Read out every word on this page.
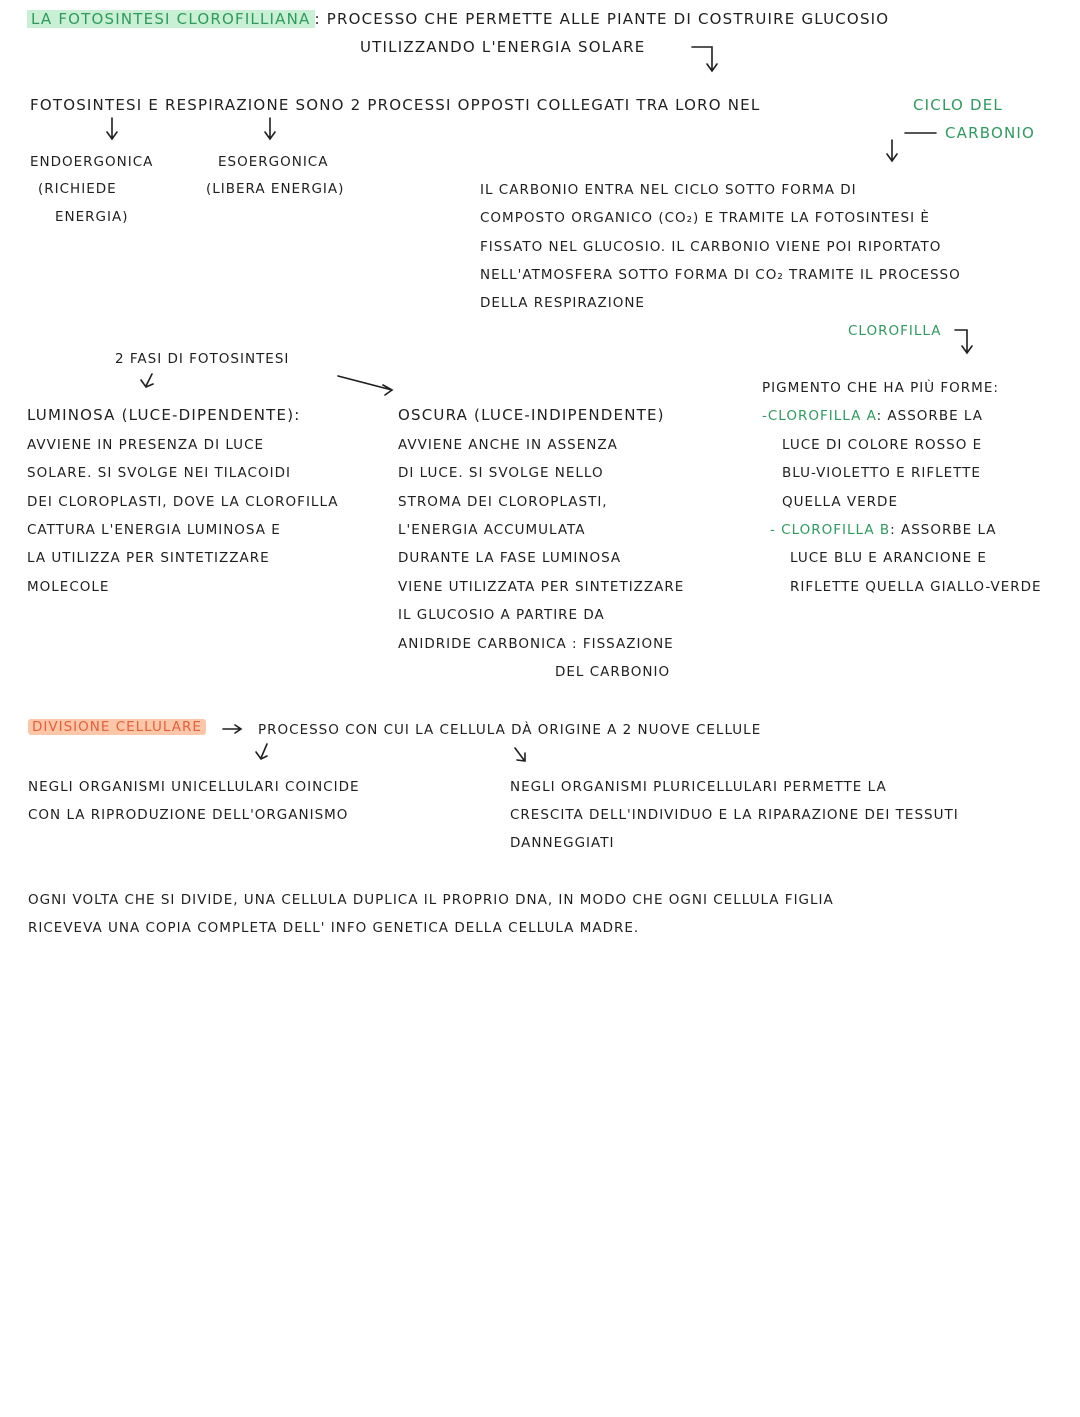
LA FOTOSINTESI CLOROFILLIANA : PROCESSO CHE PERMETTE ALLE PIANTE DI COSTRUIRE GLUCOSIO
UTILIZZANDO L'ENERGIA SOLARE
FOTOSINTESI E RESPIRAZIONE SONO 2 PROCESSI OPPOSTI COLLEGATI TRA LORO NEL	CICLO DEL
CARBONIO
ENDOERGONICA
(RICHIEDE
ENERGIA)
ESOERGONICA
(LIBERA ENERGIA)	IL CARBONIO ENTRA NEL CICLO SOTTO FORMA DI
COMPOSTO ORGANICO (CO₂) E TRAMITE LA FOTOSINTESI È
FISSATO NEL GLUCOSIO. IL CARBONIO VIENE POI RIPORTATO
NELL'ATMOSFERA SOTTO FORMA DI CO₂ TRAMITE IL PROCESSO
DELLA RESPIRAZIONE
CLOROFILLA
2 FASI DI FOTOSINTESI
LUMINOSA (LUCE-DIPENDENTE):
AVVIENE IN PRESENZA DI LUCE
SOLARE. SI SVOLGE NEI TILACOIDI
DEI CLOROPLASTI, DOVE LA CLOROFILLA
CATTURA L'ENERGIA LUMINOSA E
LA UTILIZZA PER SINTETIZZARE
MOLECOLE
OSCURA (LUCE-INDIPENDENTE)
AVVIENE ANCHE IN ASSENZA
DI LUCE. SI SVOLGE NELLO
STROMA DEI CLOROPLASTI,
L'ENERGIA ACCUMULATA
DURANTE LA FASE LUMINOSA
VIENE UTILIZZATA PER SINTETIZZARE
IL GLUCOSIO A PARTIRE DA
ANIDRIDE CARBONICA : FISSAZIONE
DEL CARBONIO
PIGMENTO CHE HA PIÙ FORME:
-CLOROFILLA A: ASSORBE LA
LUCE DI COLORE ROSSO E
BLU-VIOLETTO E RIFLETTE
QUELLA VERDE
- CLOROFILLA B: ASSORBE LA
LUCE BLU E ARANCIONE E
RIFLETTE QUELLA GIALLO-VERDE
DIVISIONE CELLULARE	PROCESSO CON CUI LA CELLULA DÀ ORIGINE A 2 NUOVE CELLULE
NEGLI ORGANISMI UNICELLULARI COINCIDE
CON LA RIPRODUZIONE DELL'ORGANISMO
NEGLI ORGANISMI PLURICELLULARI PERMETTE LA
CRESCITA DELL'INDIVIDUO E LA RIPARAZIONE DEI TESSUTI
DANNEGGIATI
OGNI VOLTA CHE SI DIVIDE, UNA CELLULA DUPLICA IL PROPRIO DNA, IN MODO CHE OGNI CELLULA FIGLIA
RICEVEVA UNA COPIA COMPLETA DELL' INFO GENETICA DELLA CELLULA MADRE.
